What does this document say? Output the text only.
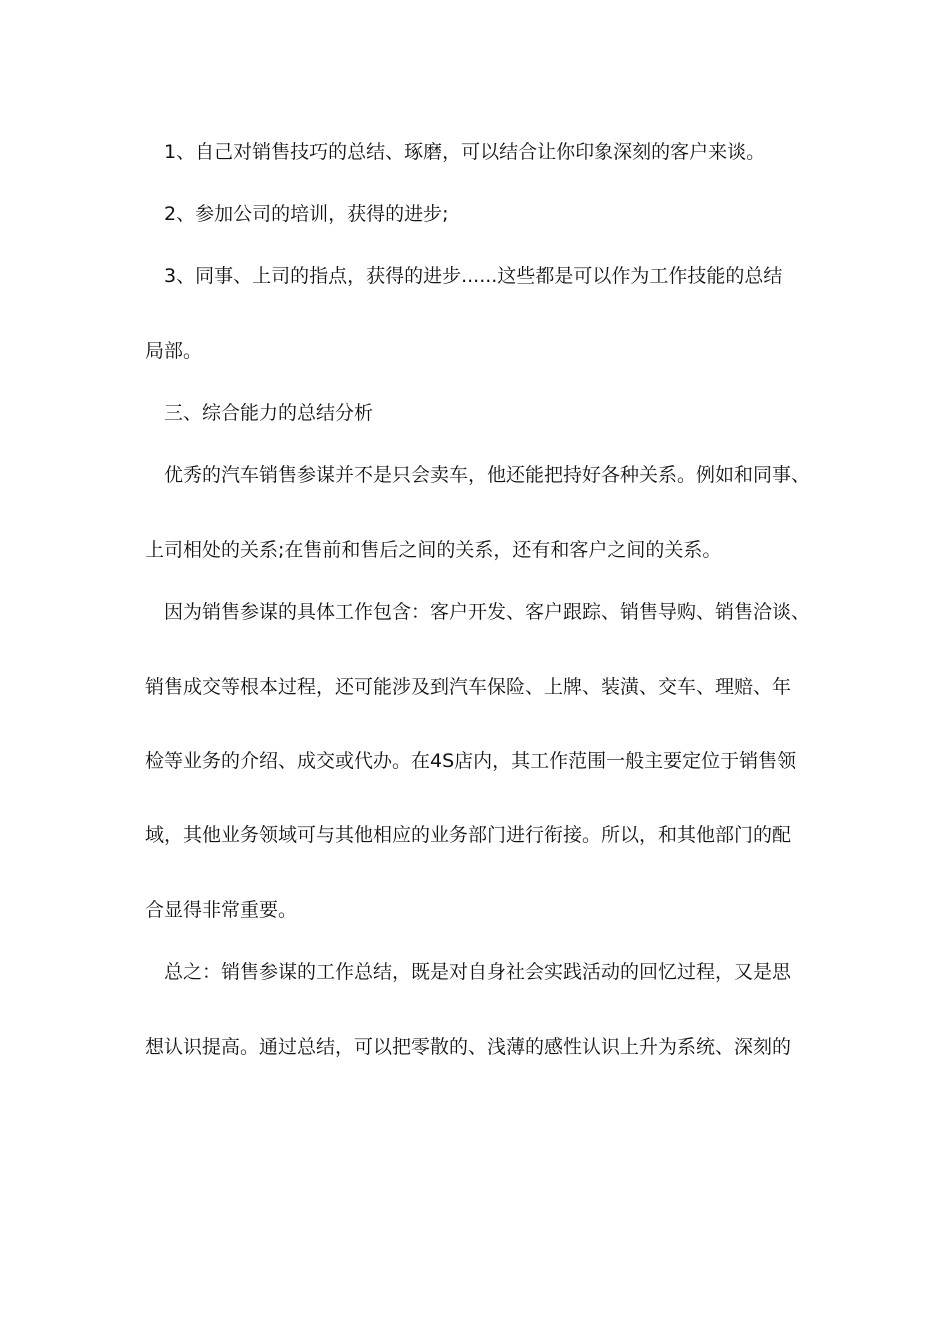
1、自己对销售技巧的总结、琢磨，可以结合让你印象深刻的客户来谈。
2、参加公司的培训，获得的进步;
3、同事、上司的指点，获得的进步......这些都是可以作为工作技能的总结
局部。
三、综合能力的总结分析
优秀的汽车销售参谋并不是只会卖车，他还能把持好各种关系。例如和同事、
上司相处的关系;在售前和售后之间的关系，还有和客户之间的关系。
因为销售参谋的具体工作包含：客户开发、客户跟踪、销售导购、销售洽谈、
销售成交等根本过程，还可能涉及到汽车保险、上牌、装潢、交车、理赔、年
检等业务的介绍、成交或代办。在4S店内，其工作范围一般主要定位于销售领
域，其他业务领域可与其他相应的业务部门进行衔接。所以，和其他部门的配
合显得非常重要。
总之：销售参谋的工作总结，既是对自身社会实践活动的回忆过程，又是思
想认识提高。通过总结，可以把零散的、浅薄的感性认识上升为系统、深刻的
